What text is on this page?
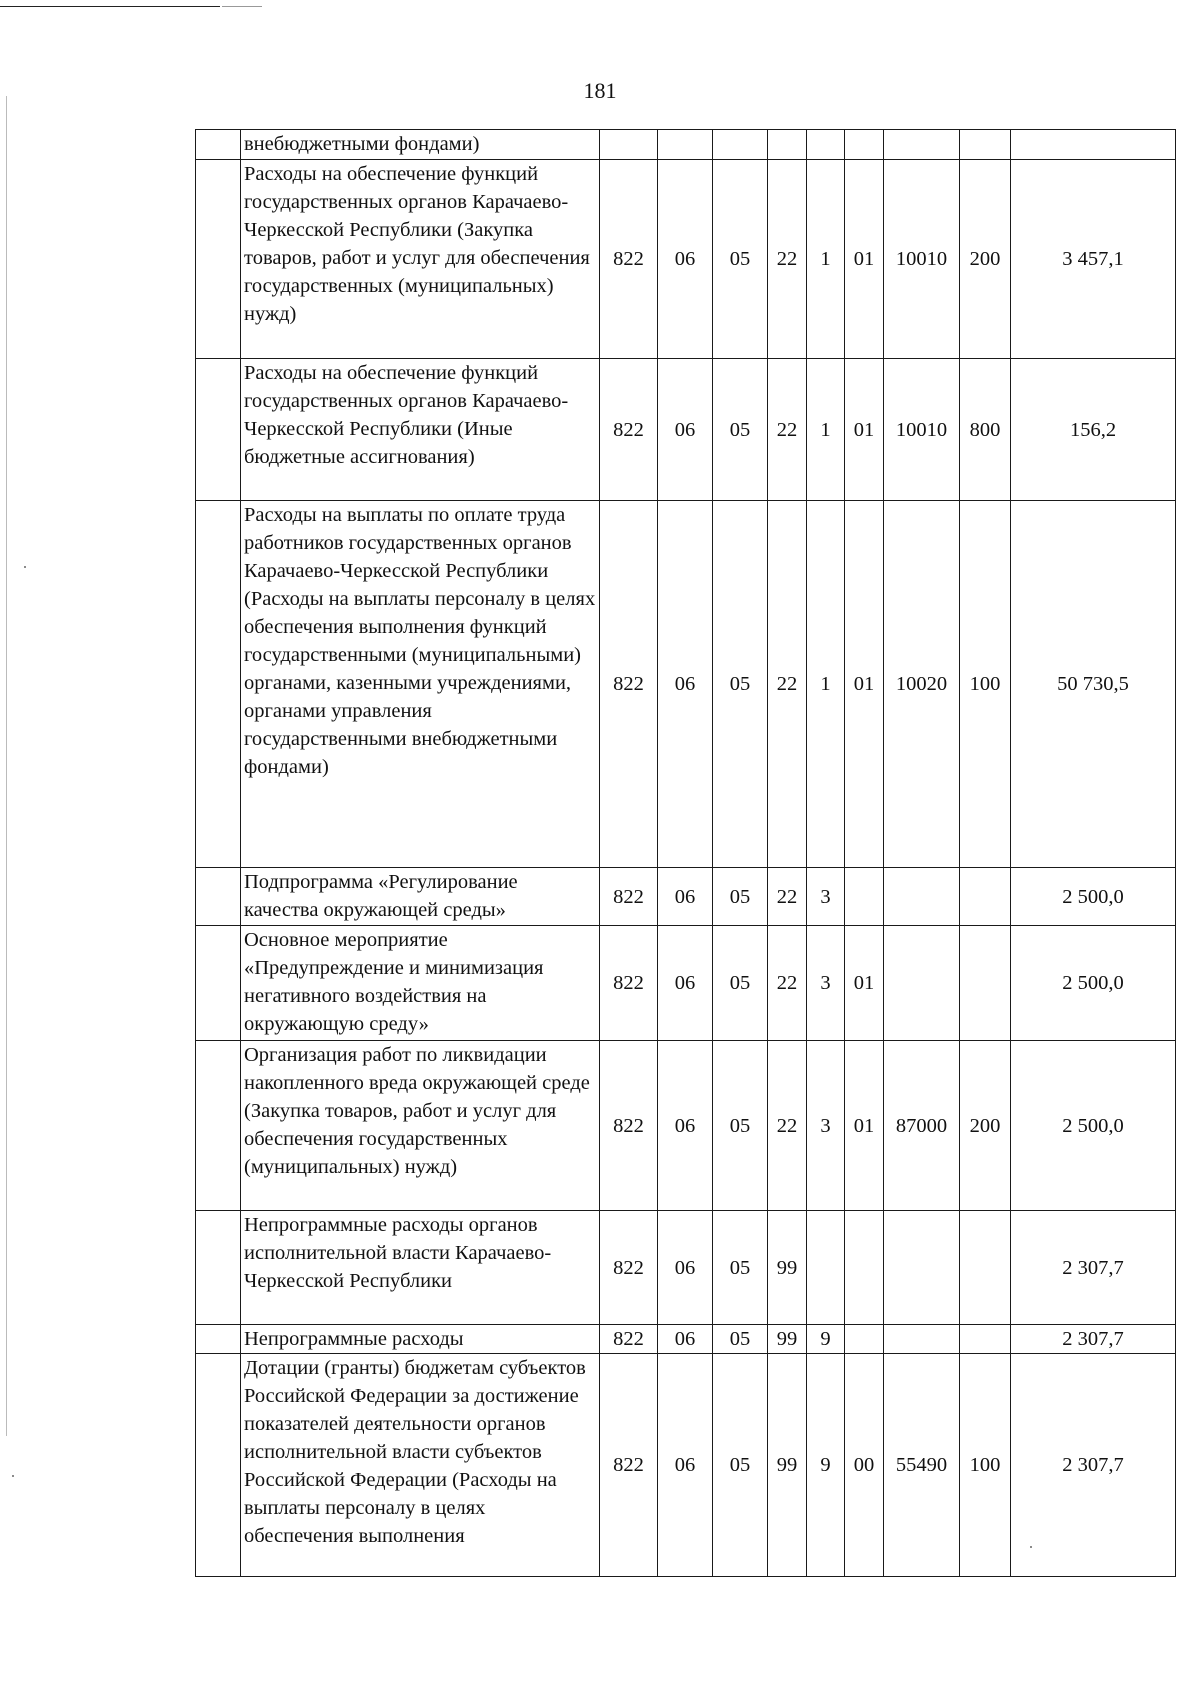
181
	внебюджетными фондами)									
	Расходы на обеспечение функций государственных органов Карачаево-Черкесской Республики (Закупка товаров, работ и услуг для обеспечения государственных (муниципальных) нужд)	822	06	05	22	1	01	10010	200	3 457,1
	Расходы на обеспечение функций государственных органов Карачаево-Черкесской Республики (Иные бюджетные ассигнования)	822	06	05	22	1	01	10010	800	156,2
	Расходы на выплаты по оплате труда работников государственных органов Карачаево-Черкесской Республики (Расходы на выплаты персоналу в целях обеспечения выполнения функций государственными (муниципальными) органами, казенными учреждениями, органами управления государственными внебюджетными фондами)	822	06	05	22	1	01	10020	100	50 730,5
	Подпрограмма «Регулирование качества окружающей среды»	822	06	05	22	3				2 500,0
	Основное мероприятие «Предупреждение и минимизация негативного воздействия на окружающую среду»	822	06	05	22	3	01			2 500,0
	Организация работ по ликвидации накопленного вреда окружающей среде (Закупка товаров, работ и услуг для обеспечения государственных (муниципальных) нужд)	822	06	05	22	3	01	87000	200	2 500,0
	Непрограммные расходы органов исполнительной власти Карачаево-Черкесской Республики	822	06	05	99					2 307,7
	Непрограммные расходы	822	06	05	99	9				2 307,7
	Дотации (гранты) бюджетам субъектов Российской Федерации за достижение показателей деятельности органов исполнительной власти субъектов Российской Федерации (Расходы на выплаты персоналу в целях обеспечения выполнения	822	06	05	99	9	00	55490	100	2 307,7
